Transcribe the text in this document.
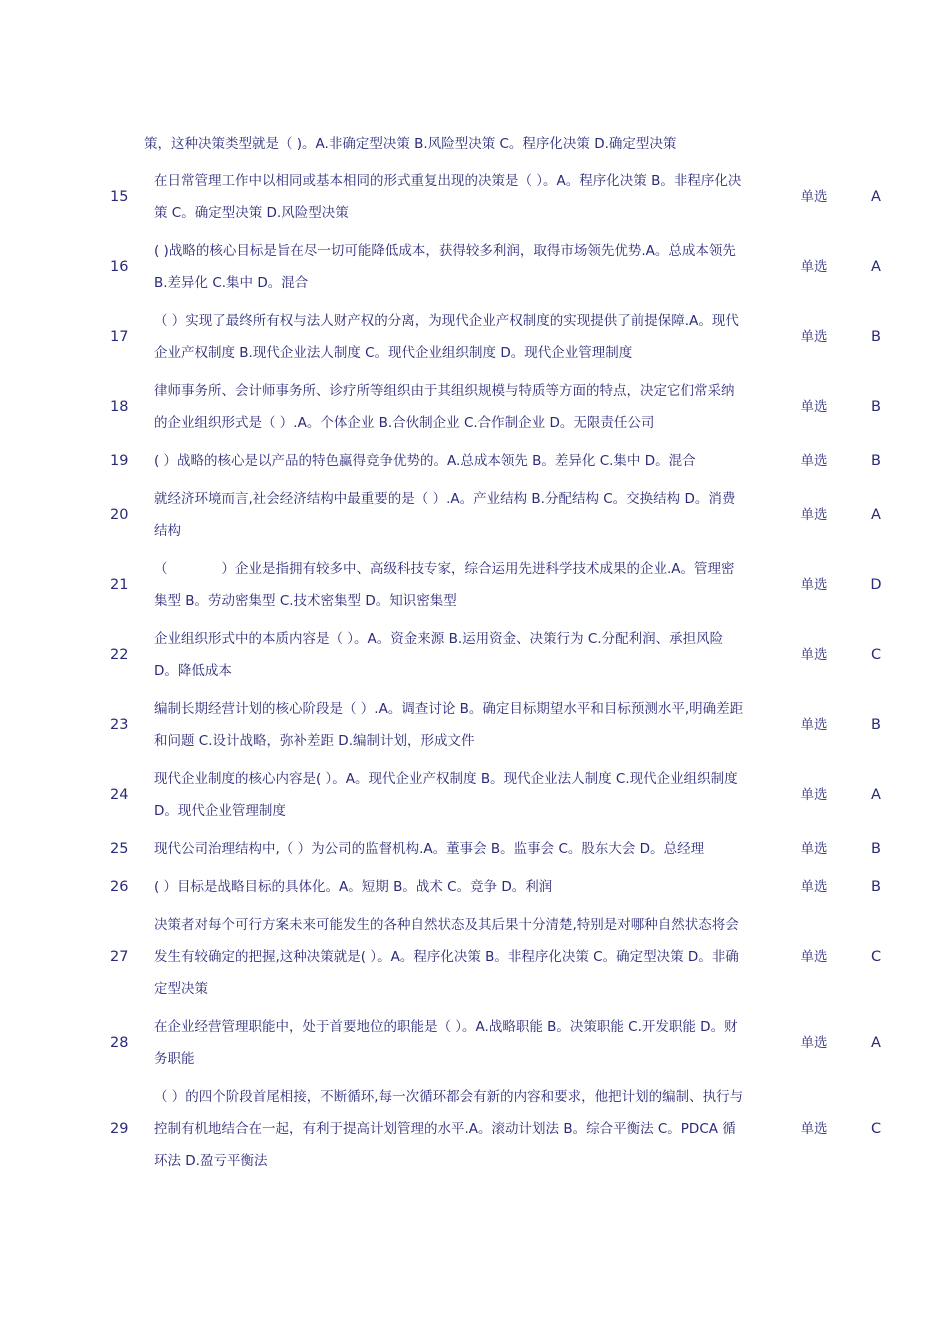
策，这种决策类型就是（ )。A.非确定型决策 B.风险型决策 C。程序化决策 D.确定型决策
15	在日常管理工作中以相同或基本相同的形式重复出现的决策是（ ）。A。程序化决策 B。非程序化决策 C。确定型决策 D.风险型决策	单选	A
16	( )战略的核心目标是旨在尽一切可能降低成本，获得较多利润，取得市场领先优势.A。总成本领先 B.差异化 C.集中 D。混合	单选	A
17	（ ）实现了最终所有权与法人财产权的分离，为现代企业产权制度的实现提供了前提保障.A。现代企业产权制度 B.现代企业法人制度 C。现代企业组织制度 D。现代企业管理制度	单选	B
18	律师事务所、会计师事务所、诊疗所等组织由于其组织规模与特质等方面的特点，决定它们常采纳的企业组织形式是（ ）.A。个体企业 B.合伙制企业 C.合作制企业 D。无限责任公司	单选	B
19	( ）战略的核心是以产品的特色赢得竞争优势的。A.总成本领先 B。差异化 C.集中 D。混合	单选	B
20	就经济环境而言,社会经济结构中最重要的是（ ）.A。产业结构 B.分配结构 C。交换结构 D。消费结构	单选	A
21	（　　　　）企业是指拥有较多中、高级科技专家，综合运用先进科学技术成果的企业.A。管理密集型 B。劳动密集型 C.技术密集型 D。知识密集型	单选	D
22	企业组织形式中的本质内容是（ ）。A。资金来源 B.运用资金、决策行为 C.分配利润、承担风险 D。降低成本	单选	C
23	编制长期经营计划的核心阶段是（ ）.A。调查讨论 B。确定目标期望水平和目标预测水平,明确差距和问题 C.设计战略，弥补差距 D.编制计划，形成文件	单选	B
24	现代企业制度的核心内容是( ）。A。现代企业产权制度 B。现代企业法人制度 C.现代企业组织制度 D。现代企业管理制度	单选	A
25	现代公司治理结构中,（ ）为公司的监督机构.A。董事会 B。监事会 C。股东大会 D。总经理	单选	B
26	( ）目标是战略目标的具体化。A。短期 B。战术 C。竞争 D。利润	单选	B
27	决策者对每个可行方案未来可能发生的各种自然状态及其后果十分清楚,特别是对哪种自然状态将会发生有较确定的把握,这种决策就是( ）。A。程序化决策 B。非程序化决策 C。确定型决策 D。非确定型决策	单选	C
28	在企业经营管理职能中，处于首要地位的职能是（ ）。A.战略职能 B。决策职能 C.开发职能 D。财务职能	单选	A
29	（ ）的四个阶段首尾相接，不断循环,每一次循环都会有新的内容和要求，他把计划的编制、执行与控制有机地结合在一起，有利于提高计划管理的水平.A。滚动计划法 B。综合平衡法 C。PDCA 循环法 D.盈亏平衡法	单选	C
